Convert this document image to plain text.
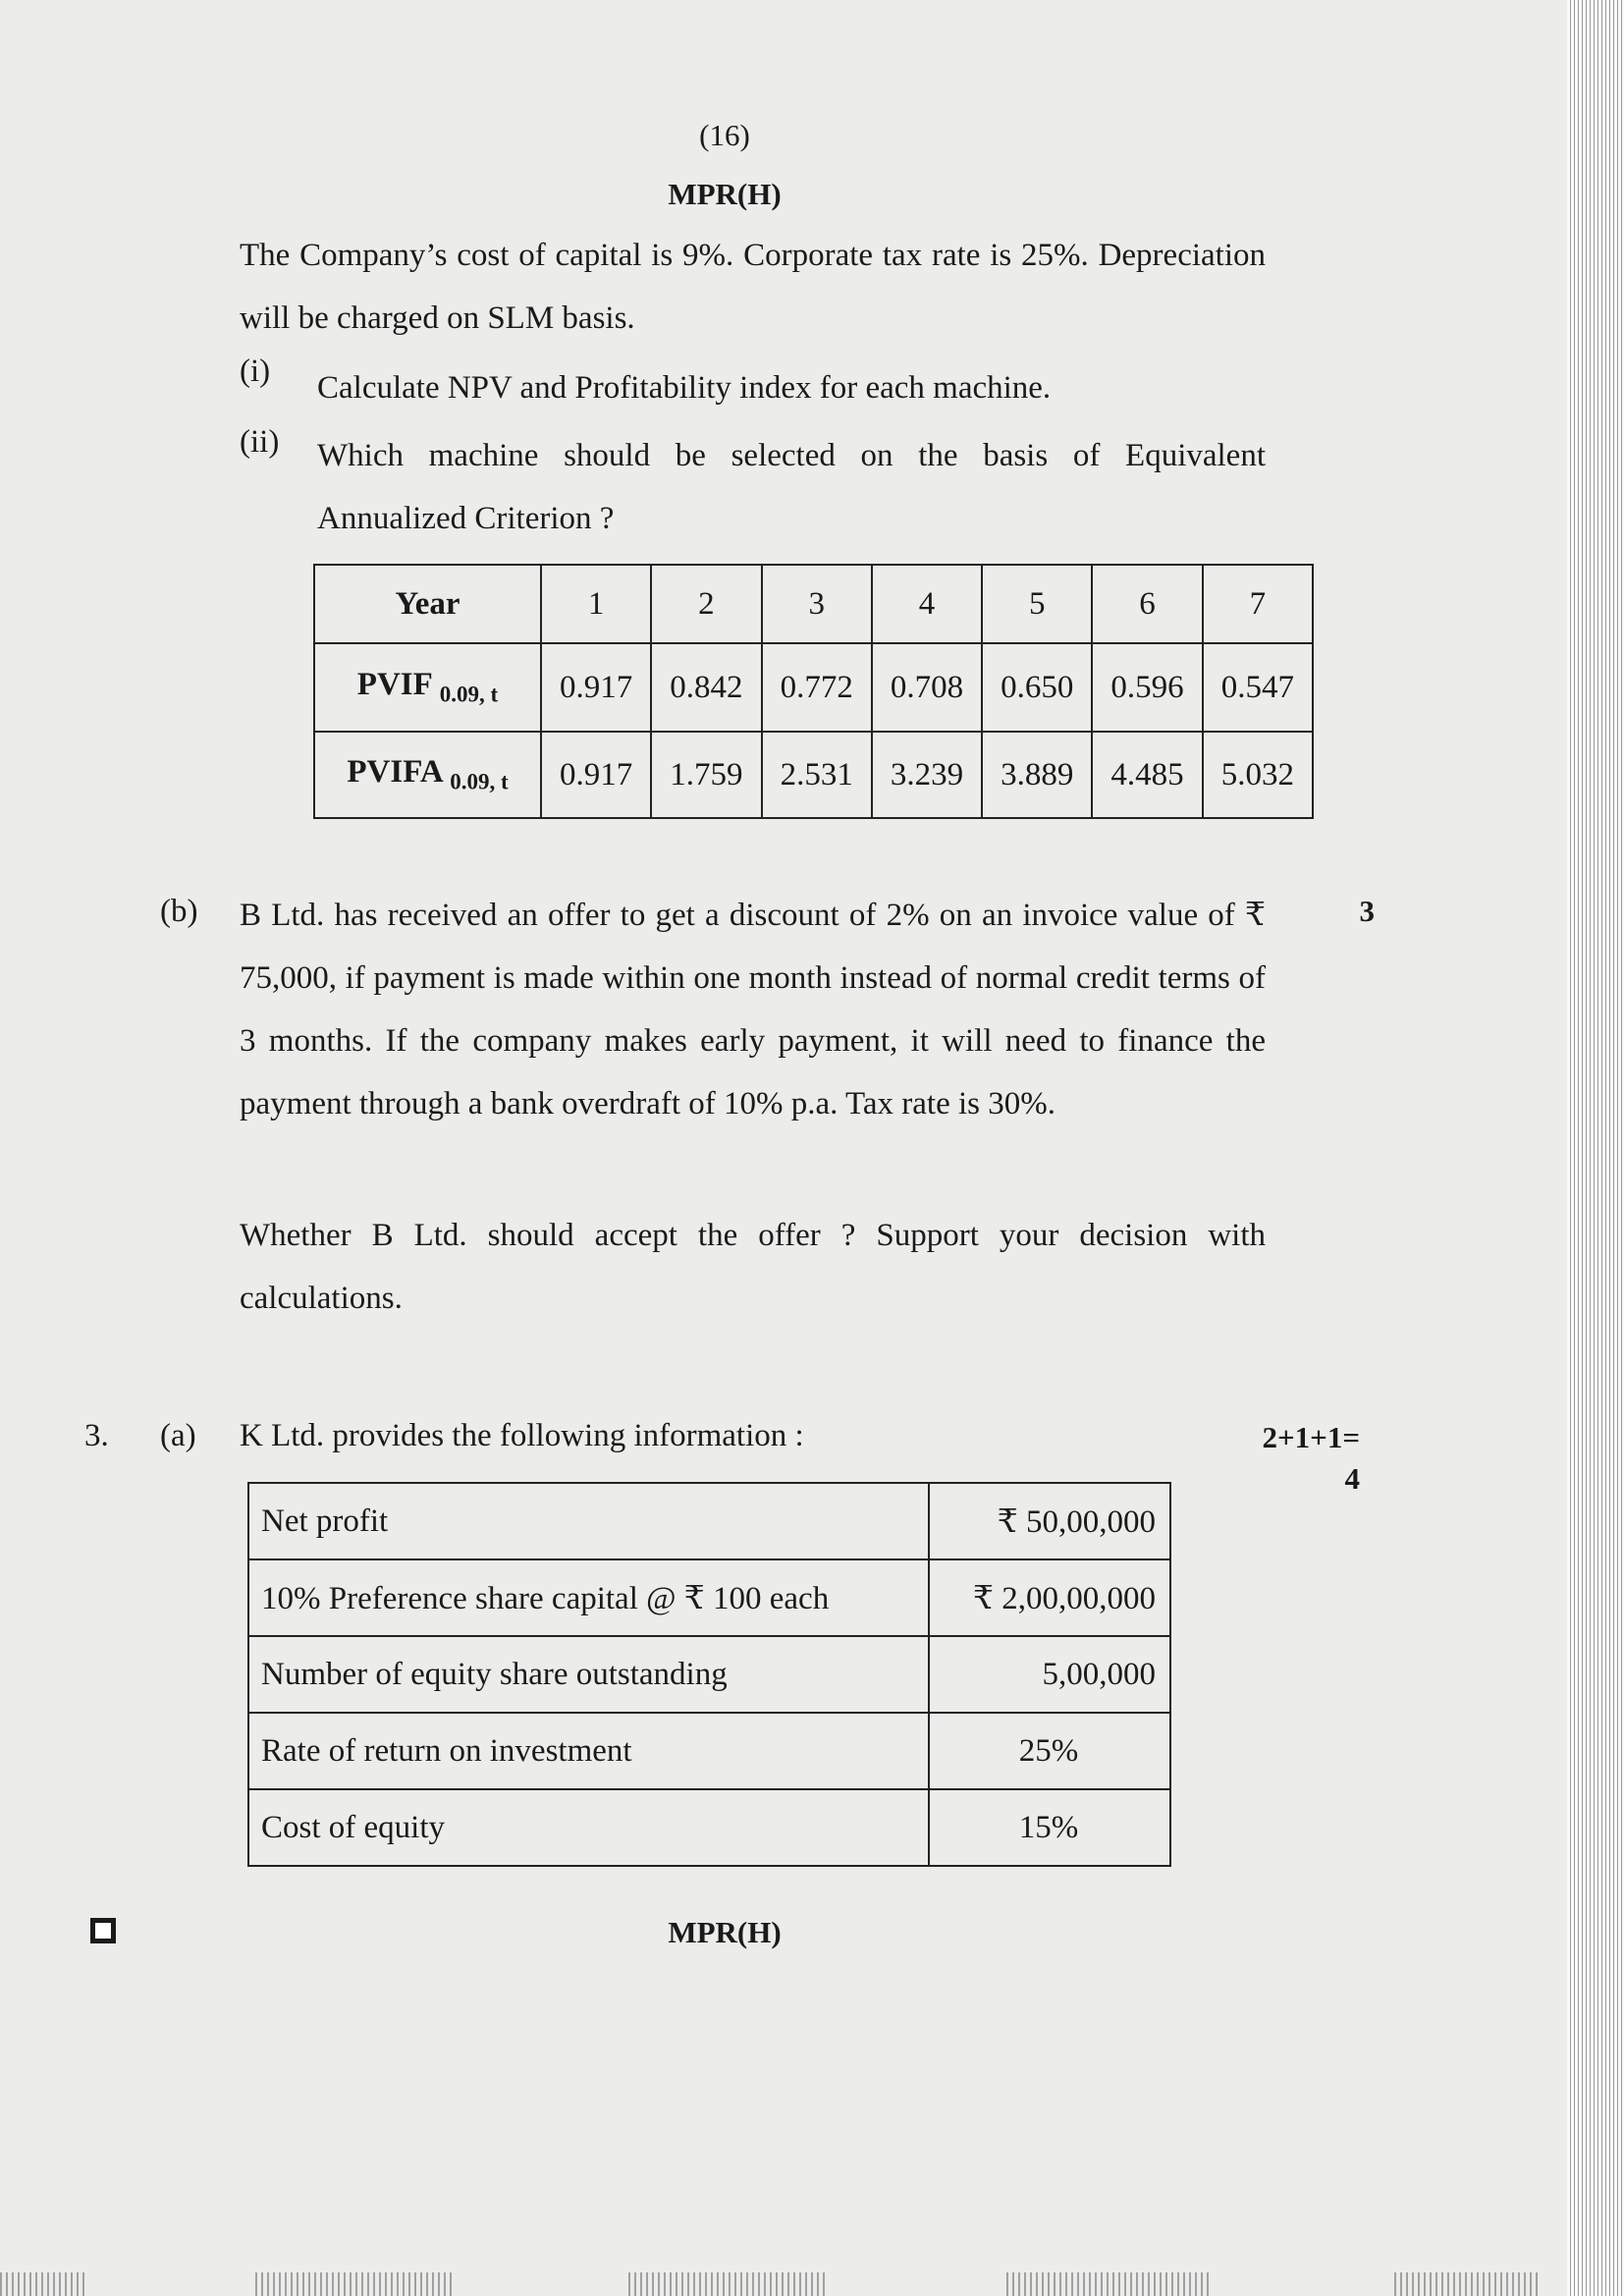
(16)
MPR(H)

The Company’s cost of capital is 9%. Corporate tax rate is 25%. Depreciation will be charged on SLM basis.

(i) Calculate NPV and Profitability index for each machine.
(ii) Which machine should be selected on the basis of Equivalent Annualized Criterion ?
Year	1	2	3	4	5	6	7
PVIF $_{0.09, t}$	0.917	0.842	0.772	0.708	0.650	0.596	0.547
PVIFA $_{0.09, t}$	0.917	1.759	2.531	3.239	3.889	4.485	5.032
(b)	3

B Ltd. has received an offer to get a discount of 2% on an invoice value of ₹ 75,000, if payment is made within one month instead of normal credit terms of 3 months. If the company makes early payment, it will need to finance the payment through a bank overdraft of 10% p.a. Tax rate is 30%.

Whether B Ltd. should accept the offer ? Support your decision with calculations.

3. (a) K Ltd. provides the following information :	2+1+1=
4
Net profit	₹ 50,00,000
10% Preference share capital @ ₹ 100 each	₹ 2,00,00,000
Number of equity share outstanding	5,00,000
Rate of return on investment	25%
Cost of equity	15%
MPR(H)
